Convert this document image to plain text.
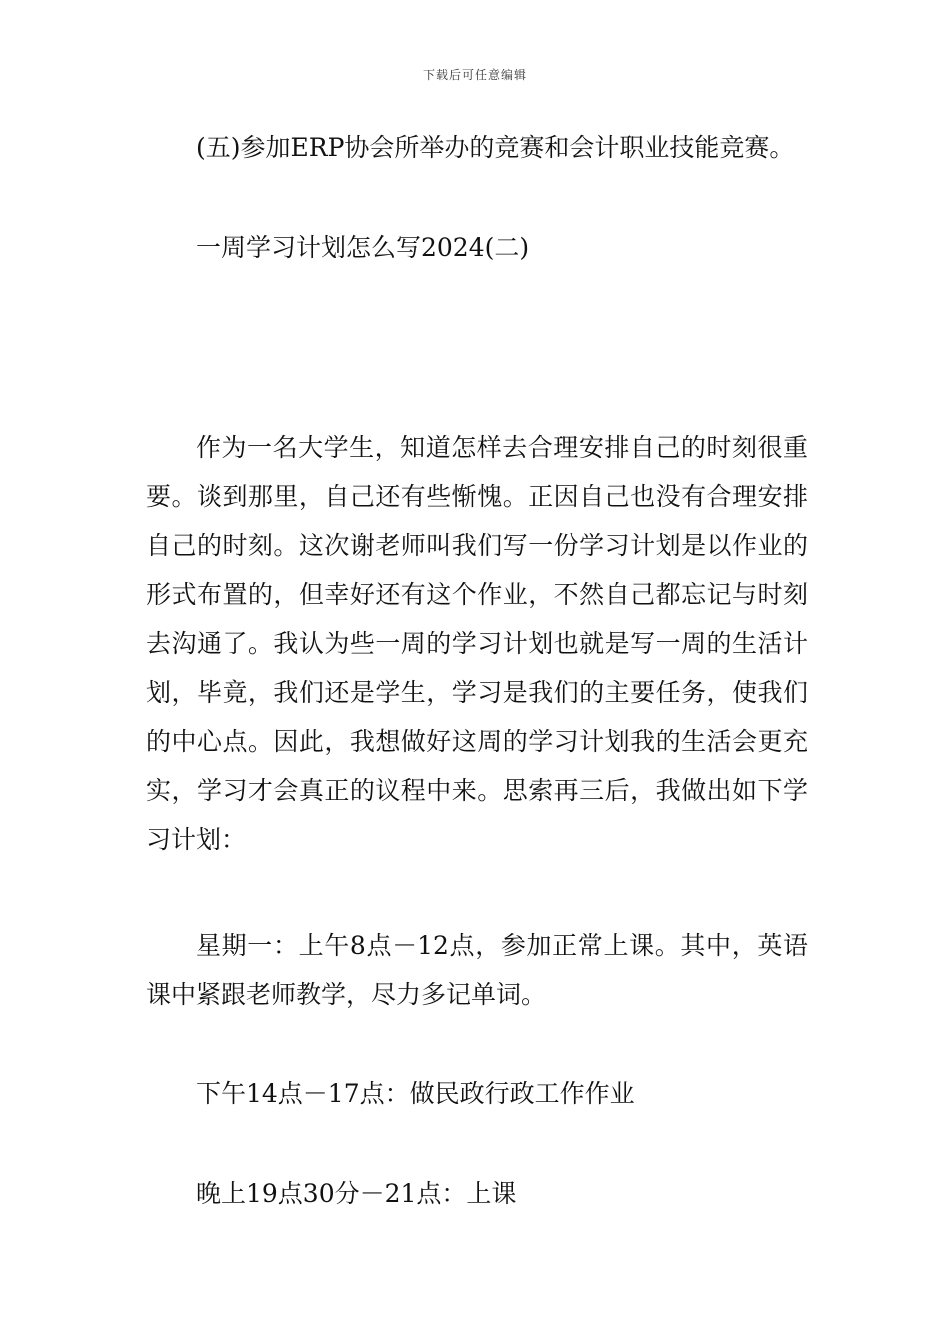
下载后可任意编辑
(五)参加ERP协会所举办的竞赛和会计职业技能竞赛。
一周学习计划怎么写2024(二)
作为一名大学生，知道怎样去合理安排自己的时刻很重要。谈到那里，自己还有些惭愧。正因自己也没有合理安排自己的时刻。这次谢老师叫我们写一份学习计划是以作业的形式布置的，但幸好还有这个作业，不然自己都忘记与时刻去沟通了。我认为些一周的学习计划也就是写一周的生活计划，毕竟，我们还是学生，学习是我们的主要任务，使我们的中心点。因此，我想做好这周的学习计划我的生活会更充实，学习才会真正的议程中来。思索再三后，我做出如下学习计划：
星期一：上午8点－12点，参加正常上课。其中，英语课中紧跟老师教学，尽力多记单词。
下午14点－17点：做民政行政工作作业
晚上19点30分－21点：上课
